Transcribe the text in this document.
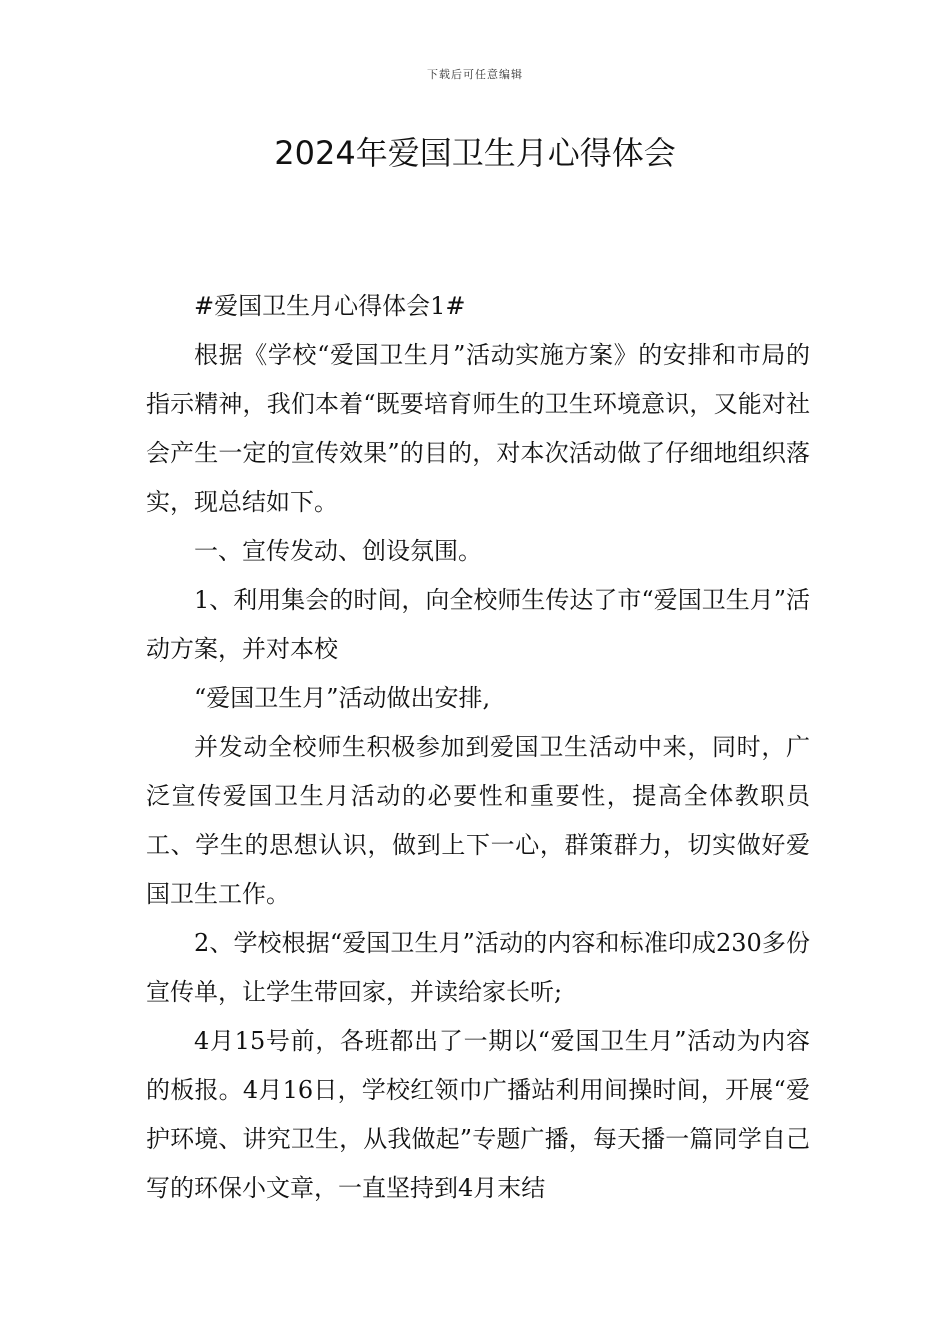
下载后可任意编辑
2024年爱国卫生月心得体会

#爱国卫生月心得体会1#

根据《学校“爱国卫生月”活动实施方案》的安排和市局的指示精神，我们本着“既要培育师生的卫生环境意识，又能对社会产生一定的宣传效果”的目的，对本次活动做了仔细地组织落实，现总结如下。

一、宣传发动、创设氛围。

1、利用集会的时间，向全校师生传达了市“爱国卫生月”活动方案，并对本校

“爱国卫生月”活动做出安排,

并发动全校师生积极参加到爱国卫生活动中来，同时，广泛宣传爱国卫生月活动的必要性和重要性，提高全体教职员工、学生的思想认识，做到上下一心，群策群力，切实做好爱国卫生工作。

2、学校根据“爱国卫生月”活动的内容和标准印成230多份宣传单，让学生带回家，并读给家长听;

4月15号前，各班都出了一期以“爱国卫生月”活动为内容的板报。4月16日，学校红领巾广播站利用间操时间，开展“爱护环境、讲究卫生，从我做起”专题广播，每天播一篇同学自己写的环保小文章，一直坚持到4月末结
